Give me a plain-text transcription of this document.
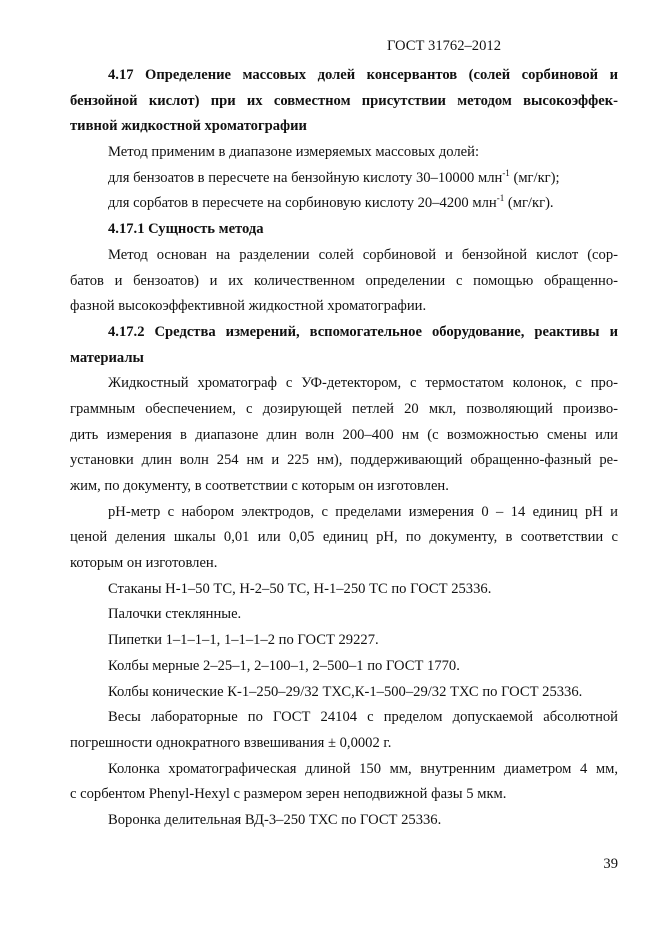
ГОСТ 31762–2012
4.17 Определение массовых долей консервантов (солей сорбиновой и
бензойной кислот) при их совместном присутствии методом высокоэффек-
тивной жидкостной хроматографии
Метод применим в диапазоне измеряемых массовых долей:
для бензоатов в пересчете на бензойную кислоту 30–10000 млн$^{-1}$ (мг/кг);
для сорбатов в пересчете на сорбиновую кислоту 20–4200 млн$^{-1}$ (мг/кг).
4.17.1 Сущность метода
Метод основан на разделении солей сорбиновой и бензойной кислот (сор-
батов и бензоатов) и их количественном определении с помощью обращенно-
фазной высокоэффективной жидкостной хроматографии.
4.17.2 Средства измерений, вспомогательное оборудование, реактивы и
материалы
Жидкостный хроматограф с УФ-детектором, с термостатом колонок, с про-
граммным обеспечением, с дозирующей петлей 20 мкл, позволяющий произво-
дить измерения в диапазоне длин волн 200–400 нм (с возможностью смены или
установки длин волн 254 нм и 225 нм), поддерживающий обращенно-фазный ре-
жим, по документу, в соответствии с которым он изготовлен.
рН-метр с набором электродов, с пределами измерения 0 – 14 единиц рН и
ценой деления шкалы 0,01 или 0,05 единиц рН, по документу, в соответствии с
которым он изготовлен.
Стаканы Н-1–50 ТС, Н-2–50 ТС, Н-1–250 ТС по ГОСТ 25336.
Палочки стеклянные.
Пипетки 1–1–1–1, 1–1–1–2 по ГОСТ 29227.
Колбы мерные 2–25–1, 2–100–1, 2–500–1 по ГОСТ 1770.
Колбы конические К-1–250–29/32 ТХС,К-1–500–29/32 ТХС по ГОСТ 25336.
Весы лабораторные по ГОСТ 24104 с пределом допускаемой абсолютной
погрешности однократного взвешивания ± 0,0002 г.
Колонка хроматографическая длиной 150 мм, внутренним диаметром 4 мм,
с сорбентом Phenyl-Hexyl с размером зерен неподвижной фазы 5 мкм.
Воронка делительная ВД-3–250 ТХС по ГОСТ 25336.
39
